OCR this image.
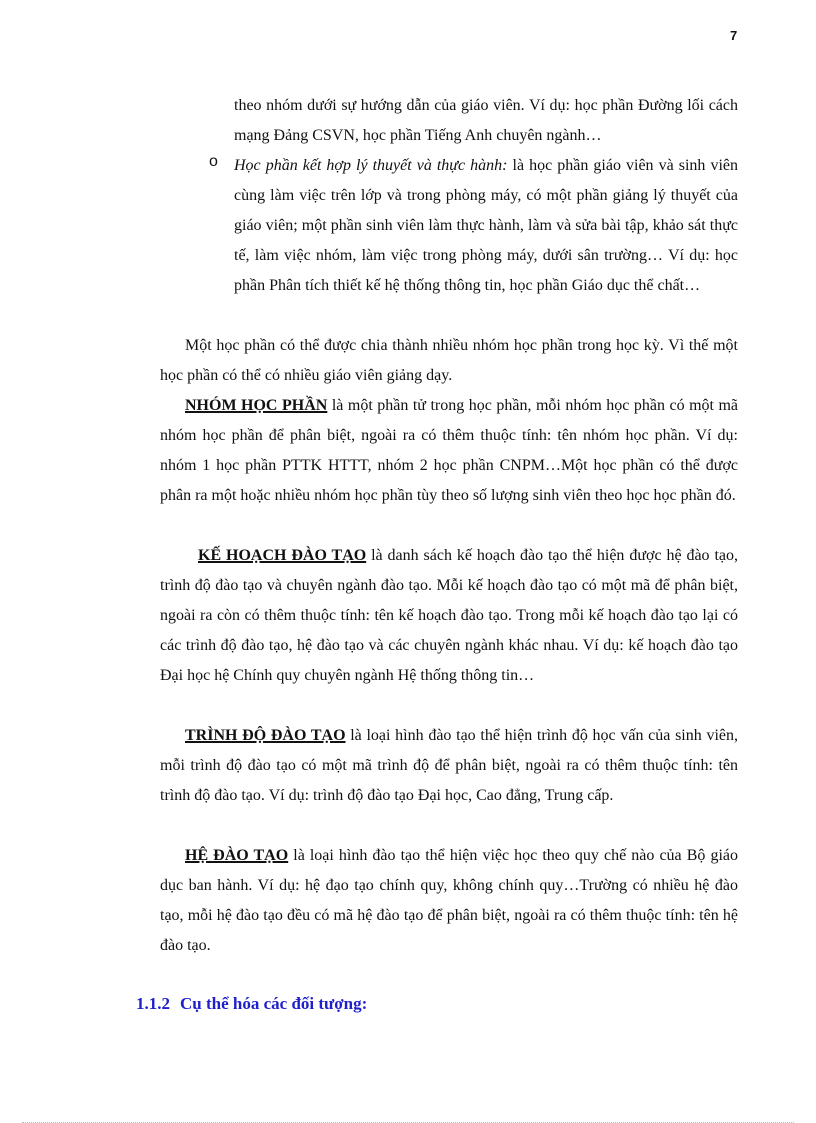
7

theo nhóm dưới sự hướng dẫn của giáo viên. Ví dụ: học phần Đường lối cách mạng Đảng CSVN, học phần Tiếng Anh chuyên ngành…

o Học phần kết hợp lý thuyết và thực hành: là học phần giáo viên và sinh viên cùng làm việc trên lớp và trong phòng máy, có một phần giảng lý thuyết của giáo viên; một phần sinh viên làm thực hành, làm và sửa bài tập, khảo sát thực tế, làm việc nhóm, làm việc trong phòng máy, dưới sân trường… Ví dụ: học phần Phân tích thiết kế hệ thống thông tin, học phần Giáo dục thể chất…

Một học phần có thể được chia thành nhiều nhóm học phần trong học kỳ. Vì thế một học phần có thể có nhiều giáo viên giảng dạy.

NHÓM HỌC PHẦN là một phần tử trong học phần, mỗi nhóm học phần có một mã nhóm học phần để phân biệt, ngoài ra có thêm thuộc tính: tên nhóm học phần. Ví dụ: nhóm 1 học phần PTTK HTTT, nhóm 2 học phần CNPM…Một học phần có thể được phân ra một hoặc nhiều nhóm học phần tùy theo số lượng sinh viên theo học học phần đó.

KẾ HOẠCH ĐÀO TẠO là danh sách kế hoạch đào tạo thể hiện được hệ đào tạo, trình độ đào tạo và chuyên ngành đào tạo. Mỗi kế hoạch đào tạo có một mã để phân biệt, ngoài ra còn có thêm thuộc tính: tên kế hoạch đào tạo. Trong mỗi kế hoạch đào tạo lại có các trình độ đào tạo, hệ đào tạo và các chuyên ngành khác nhau. Ví dụ: kế hoạch đào tạo Đại học hệ Chính quy chuyên ngành Hệ thống thông tin…

TRÌNH ĐỘ ĐÀO TẠO là loại hình đào tạo thể hiện trình độ học vấn của sinh viên, mỗi trình độ đào tạo có một mã trình độ để phân biệt, ngoài ra có thêm thuộc tính: tên trình độ đào tạo. Ví dụ: trình độ đào tạo Đại học, Cao đẳng, Trung cấp.

HỆ ĐÀO TẠO là loại hình đào tạo thể hiện việc học theo quy chế nào của Bộ giáo dục ban hành. Ví dụ: hệ đạo tạo chính quy, không chính quy…Trường có nhiều hệ đào tạo, mỗi hệ đào tạo đều có mã hệ đào tạo để phân biệt, ngoài ra có thêm thuộc tính: tên hệ đào tạo.

1.1.2 Cụ thể hóa các đối tượng:
